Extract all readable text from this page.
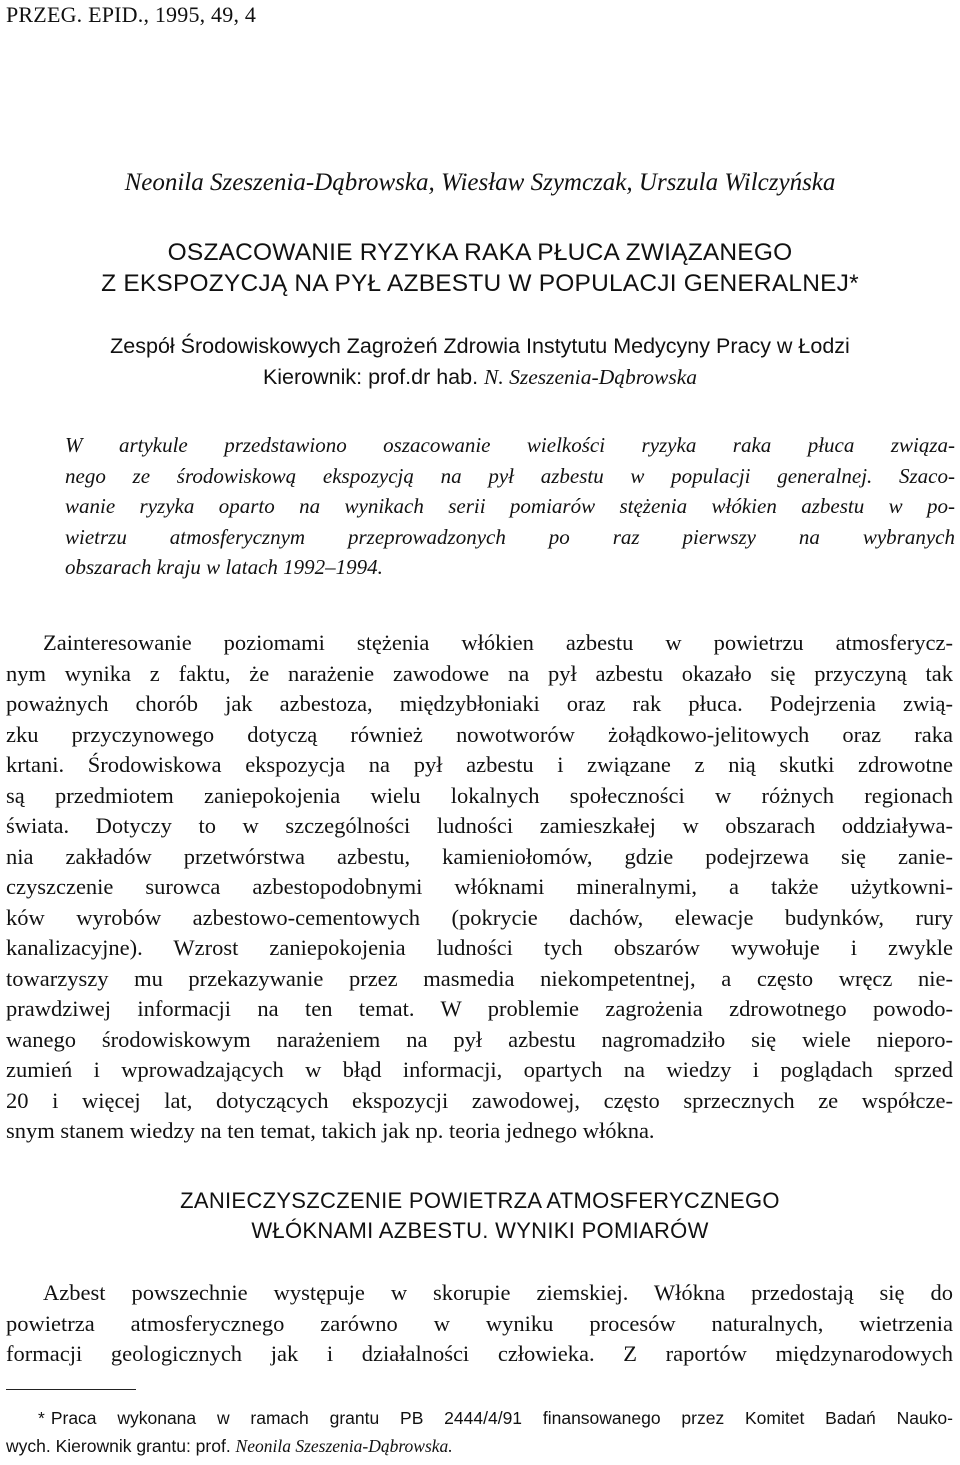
PRZEG. EPID., 1995, 49, 4
Neonila Szeszenia-Dąbrowska, Wiesław Szymczak, Urszula Wilczyńska
OSZACOWANIE RYZYKA RAKA PŁUCA ZWIĄZANEGO
Z EKSPOZYCJĄ NA PYŁ AZBESTU W POPULACJI GENERALNEJ*
Zespół Środowiskowych Zagrożeń Zdrowia Instytutu Medycyny Pracy w Łodzi
Kierownik: prof.dr hab. N. Szeszenia-Dąbrowska
W artykule przedstawiono oszacowanie wielkości ryzyka raka płuca związa-
nego ze środowiskową ekspozycją na pył azbestu w populacji generalnej. Szaco-
wanie ryzyka oparto na wynikach serii pomiarów stężenia włókien azbestu w po-
wietrzu atmosferycznym przeprowadzonych po raz pierwszy na wybranych
obszarach kraju w latach 1992–1994.
Zainteresowanie poziomami stężenia włókien azbestu w powietrzu atmosferycz-
nym wynika z faktu, że narażenie zawodowe na pył azbestu okazało się przyczyną tak
poważnych chorób jak azbestoza, międzybłoniaki oraz rak płuca. Podejrzenia zwią-
zku przyczynowego dotyczą również nowotworów żołądkowo-jelitowych oraz raka
krtani. Środowiskowa ekspozycja na pył azbestu i związane z nią skutki zdrowotne
są przedmiotem zaniepokojenia wielu lokalnych społeczności w różnych regionach
świata. Dotyczy to w szczególności ludności zamieszkałej w obszarach oddziaływa-
nia zakładów przetwórstwa azbestu, kamieniołomów, gdzie podejrzewa się zanie-
czyszczenie surowca azbestopodobnymi włóknami mineralnymi, a także użytkowni-
ków wyrobów azbestowo-cementowych (pokrycie dachów, elewacje budynków, rury
kanalizacyjne). Wzrost zaniepokojenia ludności tych obszarów wywołuje i zwykle
towarzyszy mu przekazywanie przez masmedia niekompetentnej, a często wręcz nie-
prawdziwej informacji na ten temat. W problemie zagrożenia zdrowotnego powodo-
wanego środowiskowym narażeniem na pył azbestu nagromadziło się wiele nieporo-
zumień i wprowadzających w błąd informacji, opartych na wiedzy i poglądach sprzed
20 i więcej lat, dotyczących ekspozycji zawodowej, często sprzecznych ze współcze-
snym stanem wiedzy na ten temat, takich jak np. teoria jednego włókna.
ZANIECZYSZCZENIE POWIETRZA ATMOSFERYCZNEGO
WŁÓKNAMI AZBESTU. WYNIKI POMIARÓW
Azbest powszechnie występuje w skorupie ziemskiej. Włókna przedostają się do
powietrza atmosferycznego zarówno w wyniku procesów naturalnych, wietrzenia
formacji geologicznych jak i działalności człowieka. Z raportów międzynarodowych
* Praca wykonana w ramach grantu PB 2444/4/91 finansowanego przez Komitet Badań Nauko-
wych. Kierownik grantu: prof. Neonila Szeszenia-Dąbrowska.
